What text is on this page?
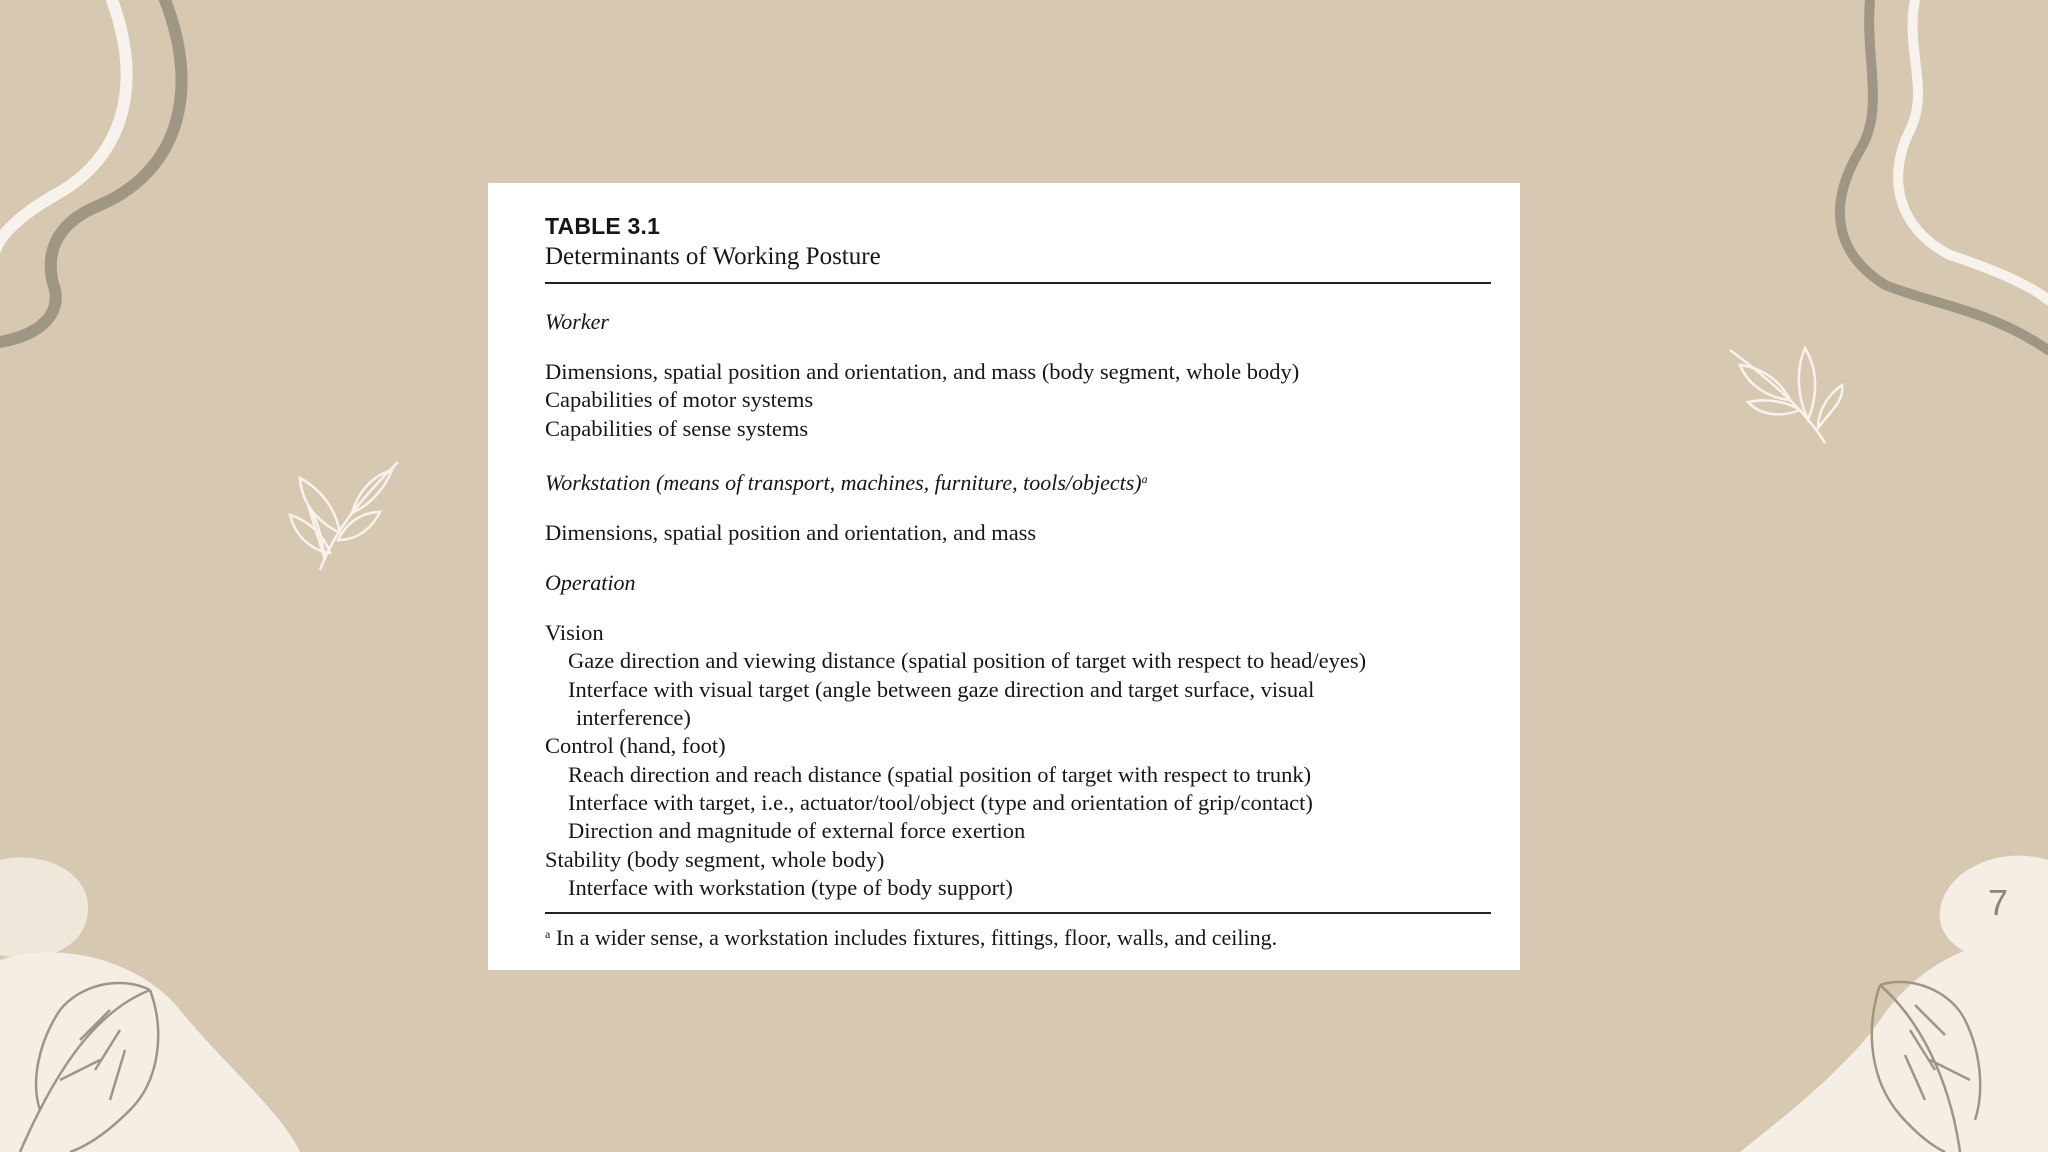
TABLE 3.1
Determinants of Working Posture
Worker
Dimensions, spatial position and orientation, and mass (body segment, whole body)
Capabilities of motor systems
Capabilities of sense systems
Workstation (means of transport, machines, furniture, tools/objects)$^a$
Dimensions, spatial position and orientation, and mass
Operation
Vision
Gaze direction and viewing distance (spatial position of target with respect to head/eyes)
Interface with visual target (angle between gaze direction and target surface, visual
interference)
Control (hand, foot)
Reach direction and reach distance (spatial position of target with respect to trunk)
Interface with target, i.e., actuator/tool/object (type and orientation of grip/contact)
Direction and magnitude of external force exertion
Stability (body segment, whole body)
Interface with workstation (type of body support)
$^a$ In a wider sense, a workstation includes fixtures, fittings, floor, walls, and ceiling.
7
